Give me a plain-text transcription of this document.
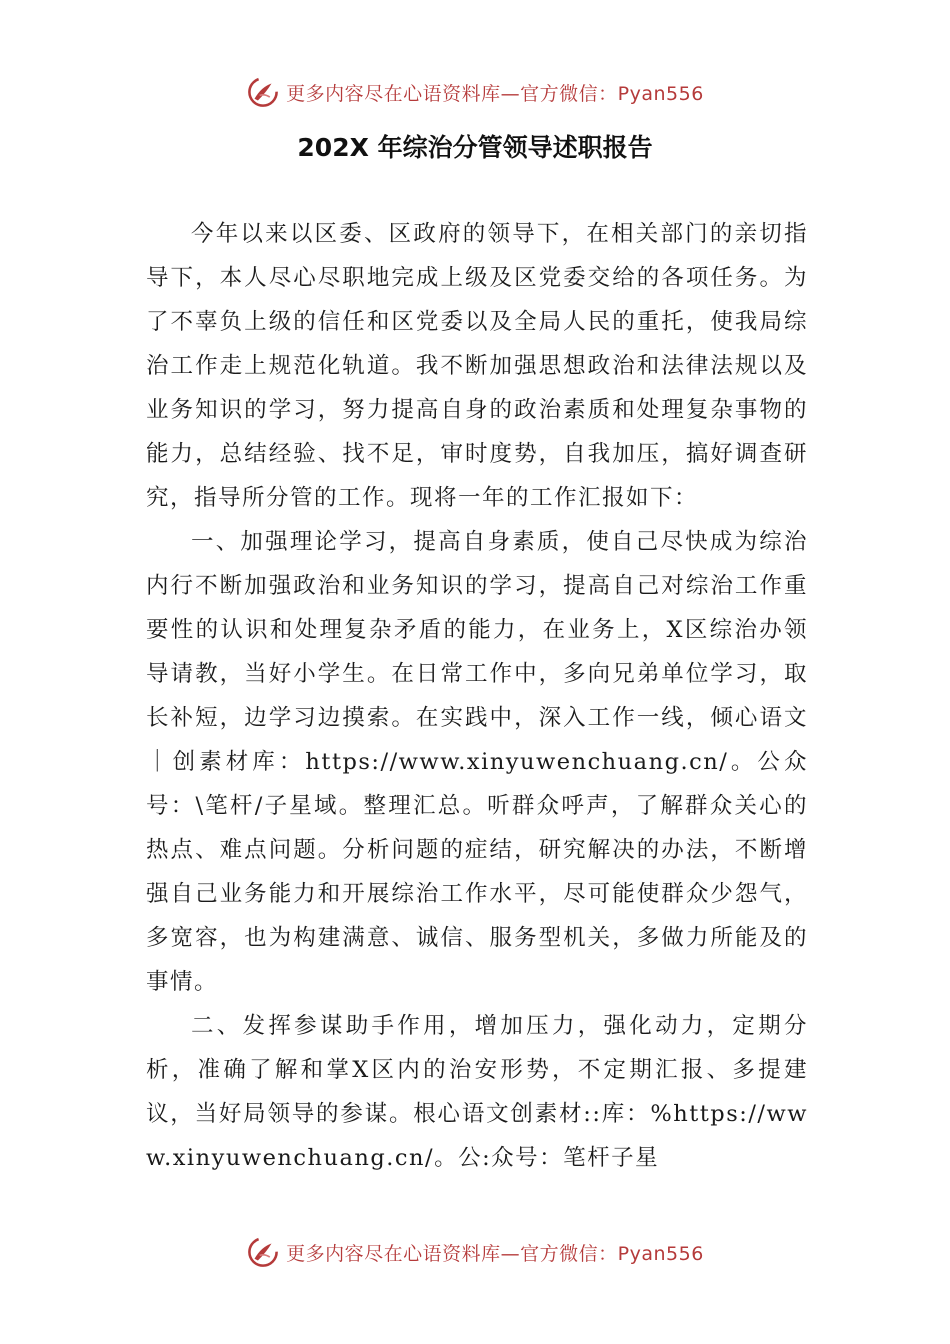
更多内容尽在心语资料库—官方微信：Pyan556
202X 年综治分管领导述职报告

今年以来以区委、区政府的领导下，在相关部门的亲切指导下，本人尽心尽职地完成上级及区党委交给的各项任务。为了不辜负上级的信任和区党委以及全局人民的重托，使我局综治工作走上规范化轨道。我不断加强思想政治和法律法规以及业务知识的学习，努力提高自身的政治素质和处理复杂事物的能力，总结经验、找不足，审时度势，自我加压，搞好调查研究，指导所分管的工作。现将一年的工作汇报如下：

一、加强理论学习，提高自身素质，使自己尽快成为综治内行不断加强政治和业务知识的学习，提高自己对综治工作重要性的认识和处理复杂矛盾的能力，在业务上，X区综治办领导请教，当好小学生。在日常工作中，多向兄弟单位学习，取长补短，边学习边摸索。在实践中，深入工作一线，倾心语文｜创素材库：https://www.xinyuwenchuang.cn/。公众号：\笔杆/子星域。整理汇总。听群众呼声，了解群众关心的热点、难点问题。分析问题的症结，研究解决的办法，不断增强自己业务能力和开展综治工作水平，尽可能使群众少怨气，多宽容，也为构建满意、诚信、服务型机关，多做力所能及的事情。

二、发挥参谋助手作用，增加压力，强化动力，定期分析，准确了解和掌X区内的治安形势，不定期汇报、多提建议，当好局领导的参谋。根心语文创素材::库：%https://www.xinyuwenchuang.cn/。公:众号：笔杆子星

更多内容尽在心语资料库—官方微信：Pyan556
